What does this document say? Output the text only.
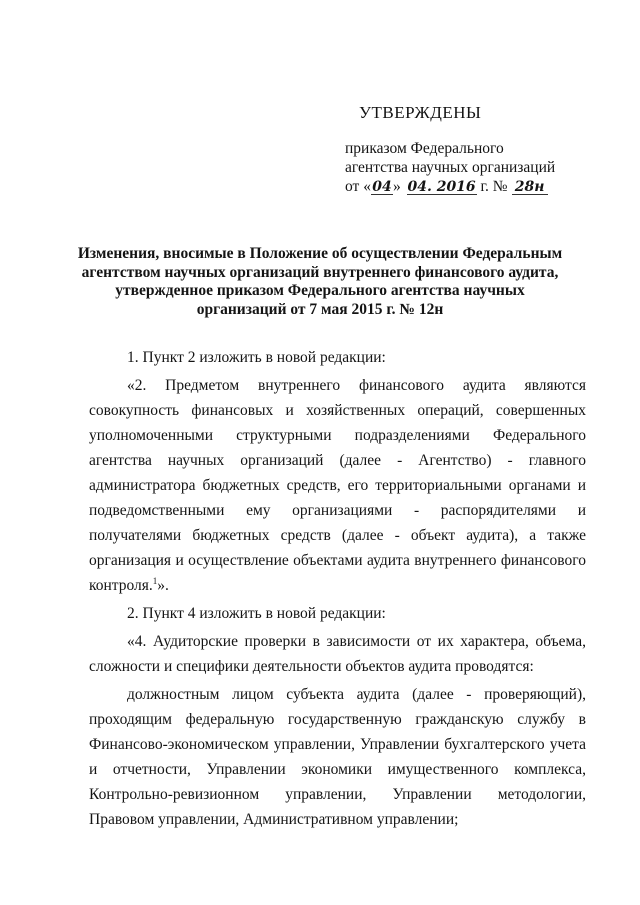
УТВЕРЖДЕНЫ
приказом Федерального
агентства научных организаций
от «04» 04. 2016 г. № 28н
Изменения, вносимые в Положение об осуществлении Федеральным
агентством научных организаций внутреннего финансового аудита,
утвержденное приказом Федерального агентства научных
организаций от 7 мая 2015 г. № 12н
1. Пункт 2 изложить в новой редакции:
«2. Предметом внутреннего финансового аудита являются
совокупность финансовых и хозяйственных операций, совершенных
уполномоченными структурными подразделениями Федерального
агентства научных организаций (далее - Агентство) - главного
администратора бюджетных средств, его территориальными органами и
подведомственными ему организациями - распорядителями и
получателями бюджетных средств (далее - объект аудита), а также
организация и осуществление объектами аудита внутреннего финансового
контроля.$^1$».
2. Пункт 4 изложить в новой редакции:
«4. Аудиторские проверки в зависимости от их характера, объема,
сложности и специфики деятельности объектов аудита проводятся:
должностным лицом субъекта аудита (далее - проверяющий),
проходящим федеральную государственную гражданскую службу в
Финансово-экономическом управлении, Управлении бухгалтерского учета
и отчетности, Управлении экономики имущественного комплекса,
Контрольно-ревизионном управлении, Управлении методологии,
Правовом управлении, Административном управлении;
